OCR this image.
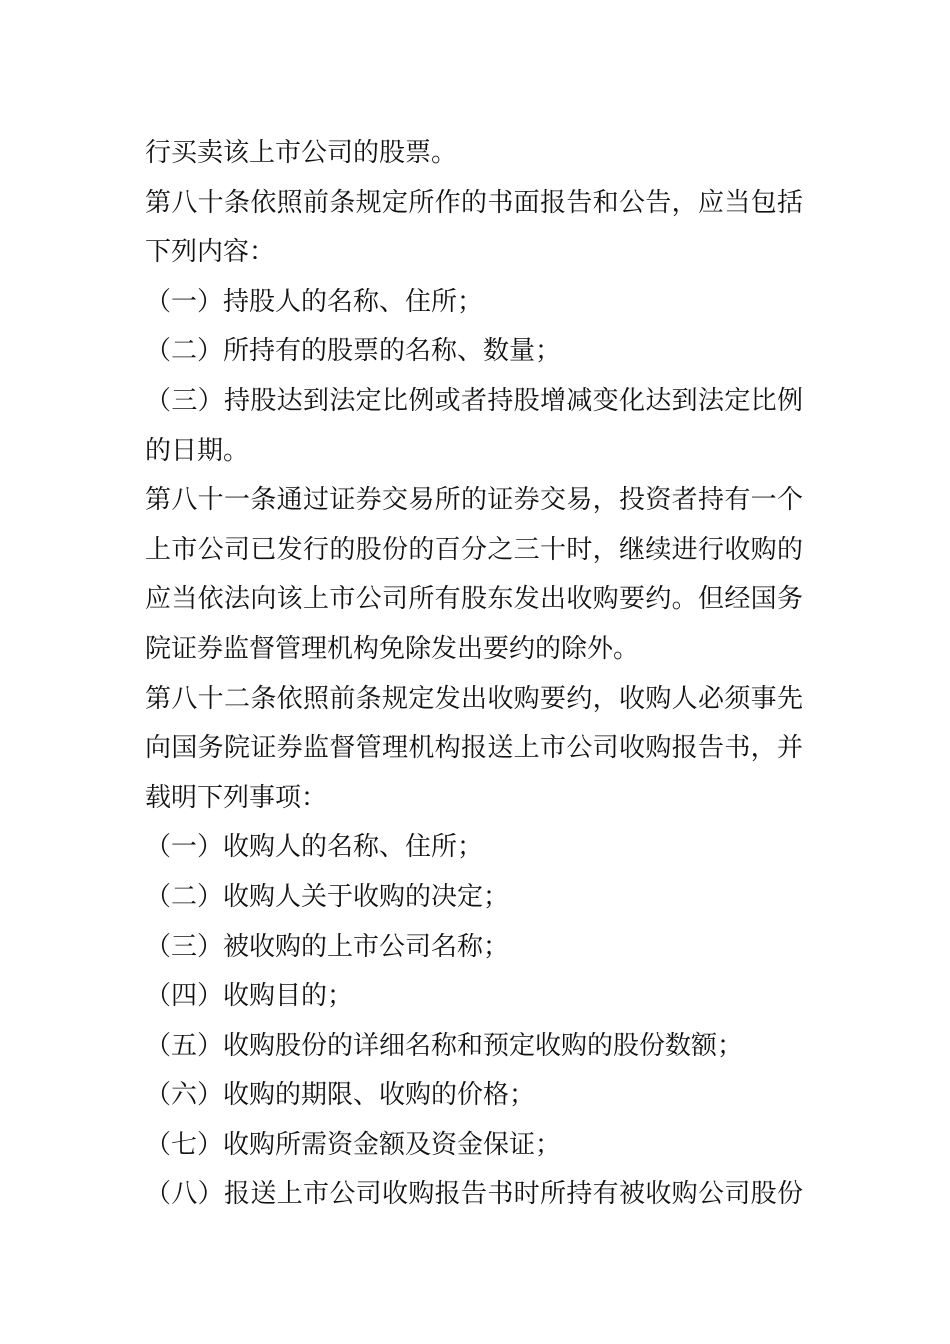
行买卖该上市公司的股票。
第八十条依照前条规定所作的书面报告和公告，应当包括
下列内容：
（一）持股人的名称、住所；
（二）所持有的股票的名称、数量；
（三）持股达到法定比例或者持股增减变化达到法定比例
的日期。
第八十一条通过证券交易所的证券交易，投资者持有一个
上市公司已发行的股份的百分之三十时，继续进行收购的
应当依法向该上市公司所有股东发出收购要约。但经国务
院证券监督管理机构免除发出要约的除外。
第八十二条依照前条规定发出收购要约，收购人必须事先
向国务院证券监督管理机构报送上市公司收购报告书，并
载明下列事项：
（一）收购人的名称、住所；
（二）收购人关于收购的决定；
（三）被收购的上市公司名称；
（四）收购目的；
（五）收购股份的详细名称和预定收购的股份数额；
（六）收购的期限、收购的价格；
（七）收购所需资金额及资金保证；
（八）报送上市公司收购报告书时所持有被收购公司股份
